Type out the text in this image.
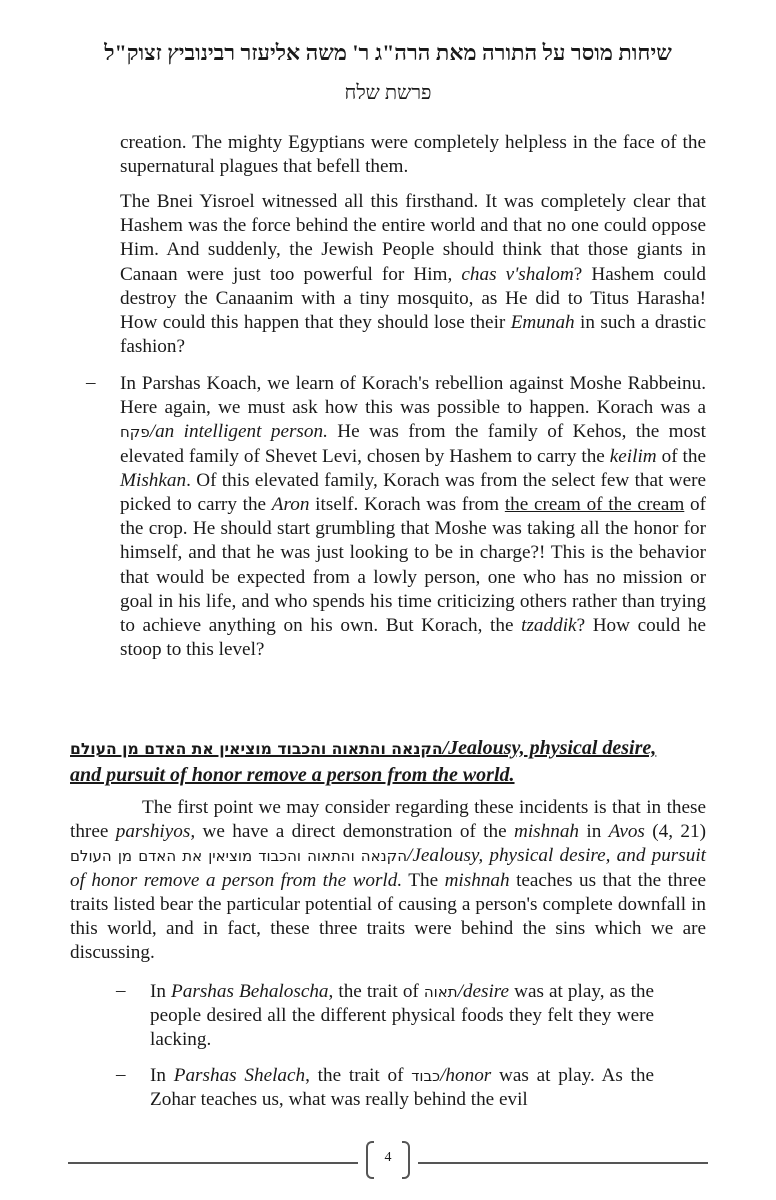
שיחות מוסר על התורה מאת הרה"ג ר' משה אליעזר רבינוביץ זצוק"ל
פרשת שלח

creation. The mighty Egyptians were completely helpless in the face of the supernatural plagues that befell them.

The Bnei Yisroel witnessed all this firsthand. It was completely clear that Hashem was the force behind the entire world and that no one could oppose Him. And suddenly, the Jewish People should think that those giants in Canaan were just too powerful for Him, chas v'shalom? Hashem could destroy the Canaanim with a tiny mosquito, as He did to Titus Harasha! How could this happen that they should lose their Emunah in such a drastic fashion?

– In Parshas Koach, we learn of Korach's rebellion against Moshe Rabbeinu. Here again, we must ask how this was possible to happen. Korach was a פקח/an intelligent person. He was from the family of Kehos, the most elevated family of Shevet Levi, chosen by Hashem to carry the keilim of the Mishkan. Of this elevated family, Korach was from the select few that were picked to carry the Aron itself. Korach was from the cream of the cream of the crop. He should start grumbling that Moshe was taking all the honor for himself, and that he was just looking to be in charge?! This is the behavior that would be expected from a lowly person, one who has no mission or goal in his life, and who spends his time criticizing others rather than trying to achieve anything on his own. But Korach, the tzaddik? How could he stoop to this level?

הקנאה והתאוה והכבוד מוציאין את האדם מן העולם/Jealousy, physical desire, and pursuit of honor remove a person from the world.

The first point we may consider regarding these incidents is that in these three parshiyos, we have a direct demonstration of the mishnah in Avos (4, 21) הקנאה והתאוה והכבוד מוציאין את האדם מן העולם/Jealousy, physical desire, and pursuit of honor remove a person from the world. The mishnah teaches us that the three traits listed bear the particular potential of causing a person's complete downfall in this world, and in fact, these three traits were behind the sins which we are discussing.

– In Parshas Behaloscha, the trait of תאוה/desire was at play, as the people desired all the different physical foods they felt they were lacking.

– In Parshas Shelach, the trait of כבוד/honor was at play. As the Zohar teaches us, what was really behind the evil

4
